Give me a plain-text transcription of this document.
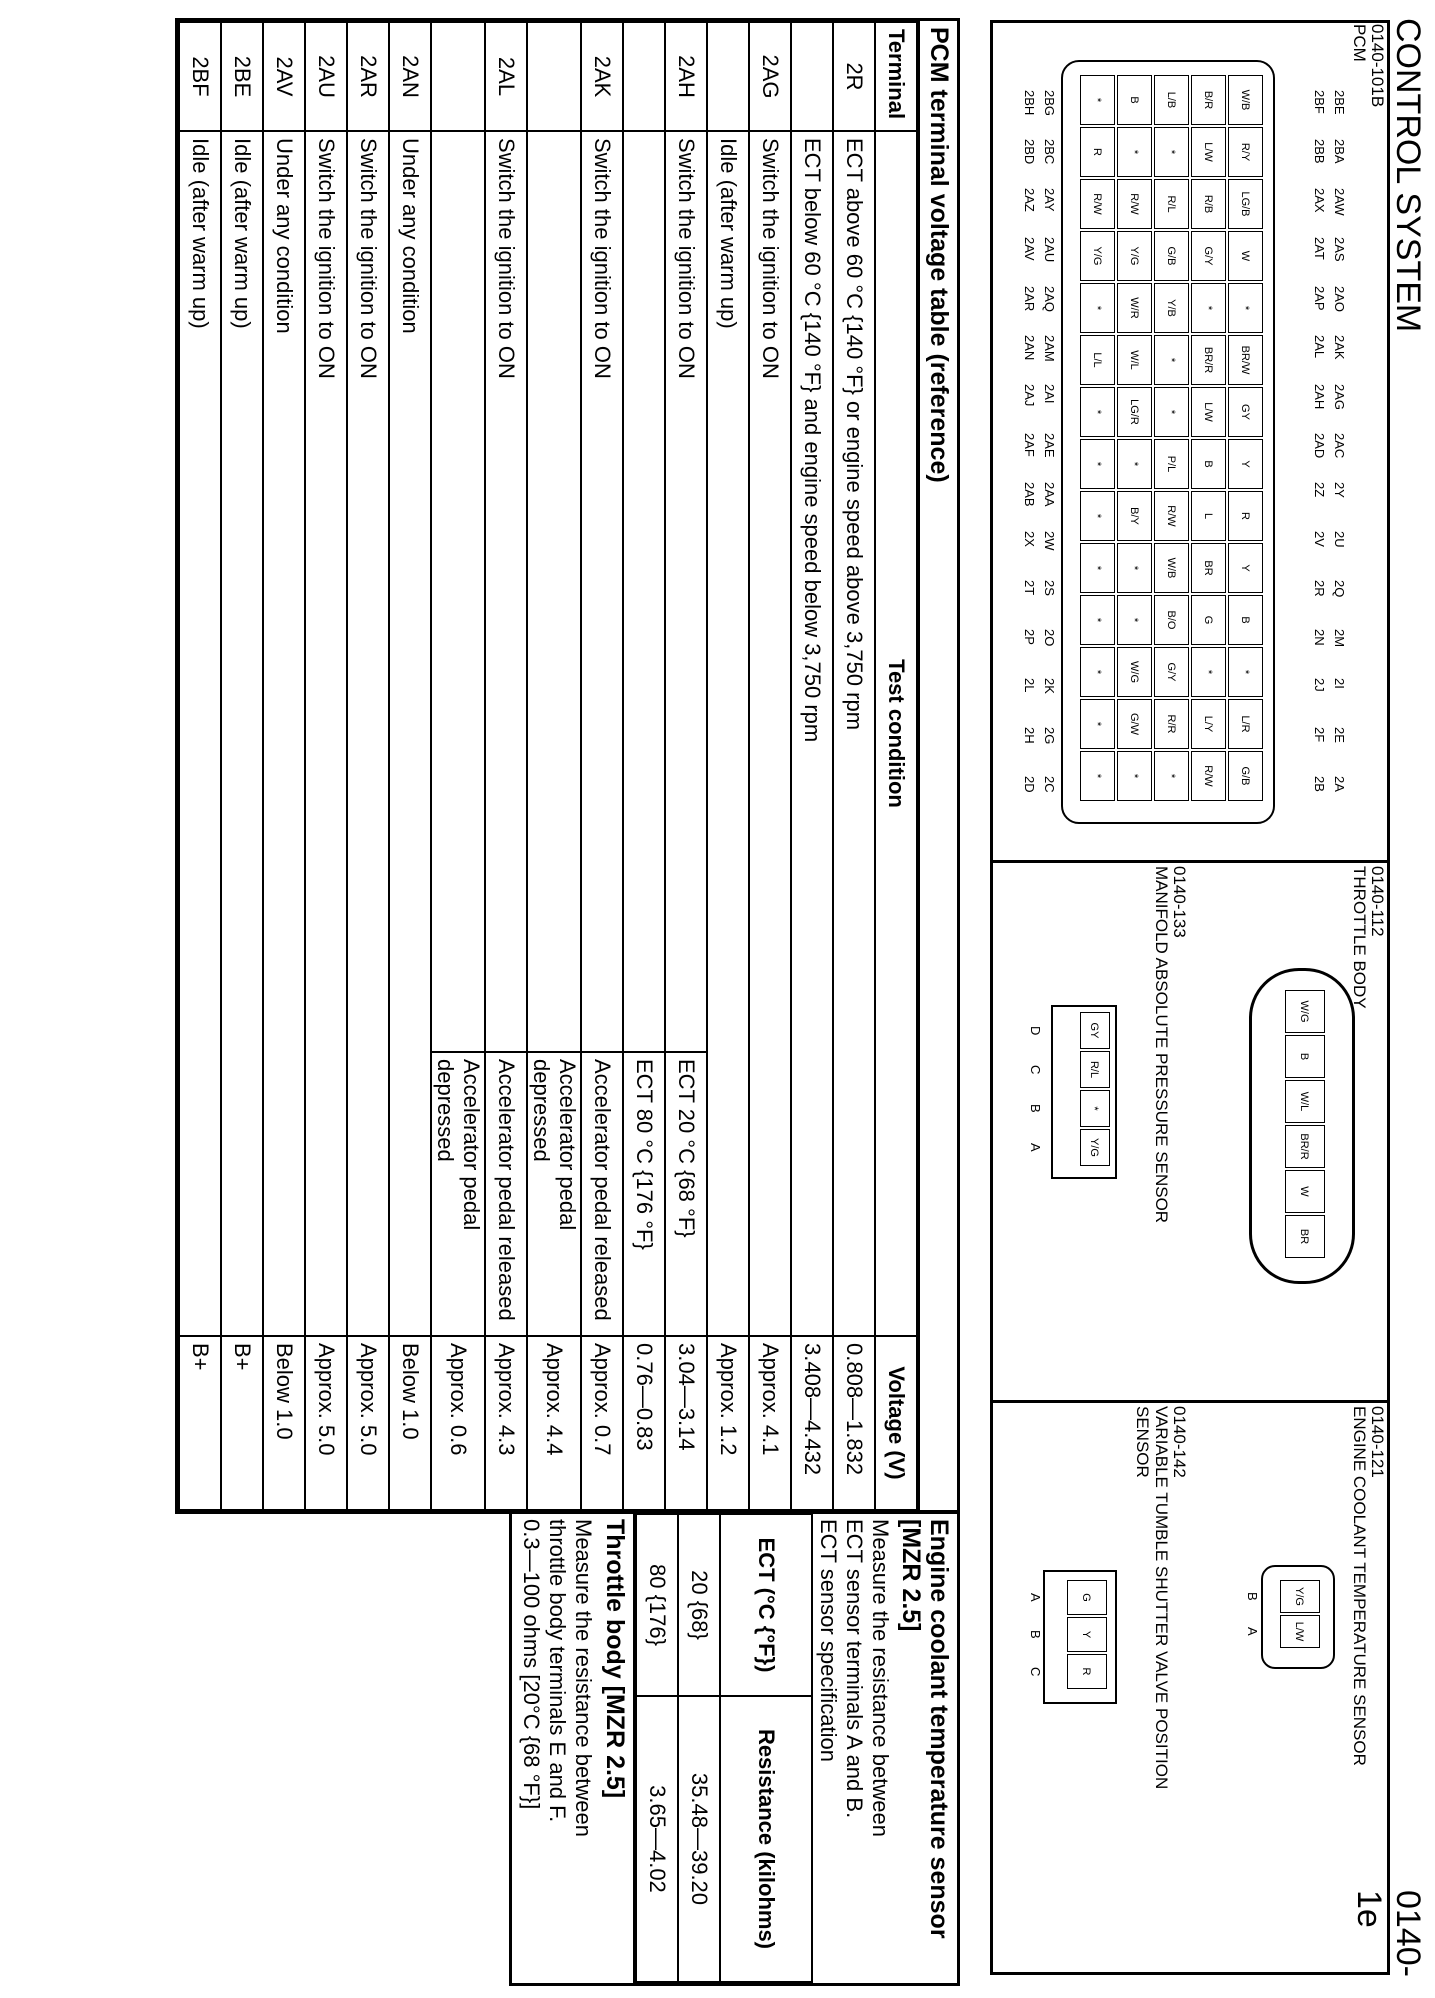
CONTROL SYSTEM
0140-1e
0140-101B
PCM
2BE
2BA
2AW
2AS
2AO
2AK
2AG
2AC
2Y
2U
2Q
2M
2I
2E
2A
2BF
2BB
2AX
2AT
2AP
2AL
2AH
2AD
2Z
2V
2R
2N
2J
2F
2B
2BG
2BC
2AY
2AU
2AQ
2AM
2AI
2AE
2AA
2W
2S
2O
2K
2G
2C
2BH
2BD
2AZ
2AV
2AR
2AN
2AJ
2AF
2AB
2X
2T
2P
2L
2H
2D
W/B
R/Y
LG/B
W
*
BR/W
GY
Y
R
Y
B
*
L/R
G/B
B/R
L/W
R/B
G/Y
*
BR/R
L/W
B
L
BR
G
*
L/Y
R/W
L/B
*
R/L
G/B
Y/B
*
*
P/L
R/W
W/B
B/O
G/Y
R/R
*
B
*
R/W
Y/G
W/R
W/L
LG/R
*
B/Y
*
*
W/G
G/W
*
*
R
R/W
Y/G
*
L/L
*
*
*
*
*
*
*
*
0140-112
THROTTLE BODY
W/G
B
W/L
BR/R
W
BR
0140-133
MANIFOLD ABSOLUTE PRESSURE SENSOR
GY
R/L
*
Y/G
D
C
B
A
0140-121
ENGINE COOLANT TEMPERATURE SENSOR
Y/G
L/W
B
A
0140-142
VARIABLE TUMBLE SHUTTER VALVE POSITION SENSOR
G
Y
R
A
B
C
PCM terminal voltage table (reference)
Terminal	Test condition		Voltage (V)
2R	ECT above 60 °C {140 °F} or engine speed above 3,750 rpm		0.808—1.832
	ECT below 60 °C {140 °F} and engine speed below 3,750 rpm		3.408—4.432
2AG	Switch the ignition to ON		Approx. 4.1
	Idle (after warm up)		Approx. 1.2
2AH	Switch the ignition to ON	ECT 20 °C {68 °F}	3.04—3.14
		ECT 80 °C {176 °F}	0.76—0.83
2AK	Switch the ignition to ON	Accelerator pedal released	Approx. 0.7
		Accelerator pedal depressed	Approx. 4.4
2AL	Switch the ignition to ON	Accelerator pedal released	Approx. 4.3
		Accelerator pedal depressed	Approx. 0.6
2AN	Under any condition		Below 1.0
2AR	Switch the ignition to ON		Approx. 5.0
2AU	Switch the ignition to ON		Approx. 5.0
2AV	Under any condition		Below 1.0
2BE	Idle (after warm up)		B+
2BF	Idle (after warm up)		B+
Engine coolant temperature sensor [MZR 2.5]
Measure the resistance between
ECT sensor terminals A and B.
ECT sensor specification
ECT (°C {°F})	Resistance (kilohms)
20 {68}	35.48—39.20
80 {176}	3.65—4.02
Throttle body [MZR 2.5]
Measure the resistance between
throttle body terminals E and F.
0.3—100 ohms [20°C {68 °F}]
